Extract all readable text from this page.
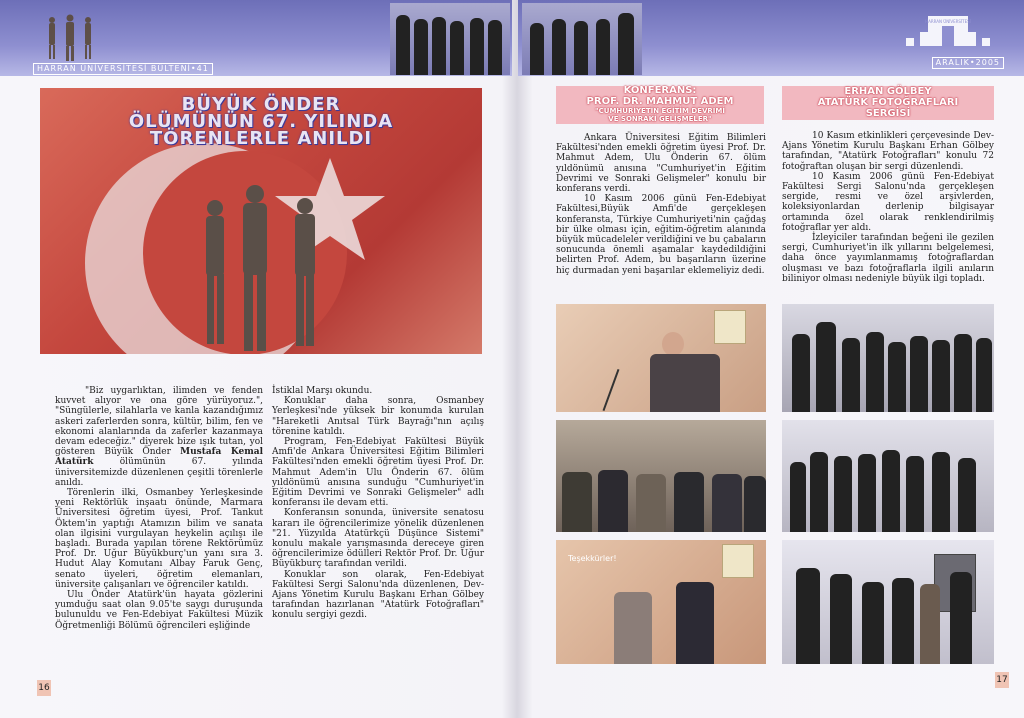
HARRAN ÜNİVERSİTESİ BÜLTENİ•41
HARRAN ÜNİVERSİTESİ
ARALIK•2005
BÜYÜK ÖNDER
ÖLÜMÜNÜN 67. YILINDA
TÖRENLERLE ANILDI

"Biz uygarlıktan, ilimden ve fenden kuvvet alıyor ve ona göre yürüyoruz.", "Süngülerle, silahlarla ve kanla kazandığımız askeri zaferlerden sonra, kültür, bilim, fen ve ekonomi alanlarında da zaferler kazanmaya devam edeceğiz." diyerek bize ışık tutan, yol gösteren Büyük Önder Mustafa Kemal Atatürk ölümünün 67. yılında üniversitemizde düzenlenen çeşitli törenlerle anıldı.

Törenlerin ilki, Osmanbey Yerleşkesinde yeni Rektörlük inşaatı önünde, Marmara Üniversitesi öğretim üyesi, Prof. Tankut Öktem'in yaptığı Atamızın bilim ve sanata olan ilgisini vurgulayan heykelin açılışı ile başladı. Burada yapılan törene Rektörümüz Prof. Dr. Uğur Büyükburç'un yanı sıra 3. Hudut Alay Komutanı Albay Faruk Genç, senato üyeleri, öğretim elemanları, üniversite çalışanları ve öğrenciler katıldı.

Ulu Önder Atatürk'ün hayata gözlerini yumduğu saat olan 9.05'te saygı duruşunda bulunuldu ve Fen-Edebiyat Fakültesi Müzik Öğretmenliği Bölümü öğrencileri eşliğinde

İstiklal Marşı okundu.

Konuklar daha sonra, Osmanbey Yerleşkesi'nde yüksek bir konumda kurulan "Hareketli Anıtsal Türk Bayrağı"nın açılış törenine katıldı.

Program, Fen-Edebiyat Fakültesi Büyük Amfi'de Ankara Üniversitesi Eğitim Bilimleri Fakültesi'nden emekli öğretim üyesi Prof. Dr. Mahmut Adem'in Ulu Önderin 67. ölüm yıldönümü anısına sunduğu "Cumhuriyet'in Eğitim Devrimi ve Sonraki Gelişmeler" adlı konferansı ile devam etti.

Konferansın sonunda, üniversite senatosu kararı ile öğrencilerimize yönelik düzenlenen "21. Yüzyılda Atatürkçü Düşünce Sistemi" konulu makale yarışmasında dereceye giren öğrencilerimize ödülleri Rektör Prof. Dr. Uğur Büyükburç tarafından verildi.

Konuklar son olarak, Fen-Edebiyat Fakültesi Sergi Salonu'nda düzenlenen, Dev-Ajans Yönetim Kurulu Başkanı Erhan Gölbey tarafından hazırlanan "Atatürk Fotoğrafları" konulu sergiyi gezdi.

16
KONFERANS:
PROF. DR. MAHMUT ADEM
"CUMHURİYETİN EĞİTİM DEVRİMİ
VE SONRAKİ GELİŞMELER"

Ankara Üniversitesi Eğitim Bilimleri Fakültesi'nden emekli öğretim üyesi Prof. Dr. Mahmut Adem, Ulu Önderin 67. ölüm yıldönümü anısına "Cumhuriyet'in Eğitim Devrimi ve Sonraki Gelişmeler" konulu bir konferans verdi.

10 Kasım 2006 günü Fen-Edebiyat Fakültesi,Büyük Amfi'de gerçekleşen konferansta, Türkiye Cumhuriyeti'nin çağdaş bir ülke olması için, eğitim-öğretim alanında büyük mücadeleler verildiğini ve bu çabaların sonucunda önemli aşamalar kaydedildiğini belirten Prof. Adem, bu başarıların üzerine hiç durmadan yeni başarılar eklemeliyiz dedi.

ERHAN GÖLBEY
ATATÜRK FOTOĞRAFLARI
SERGİSİ

10 Kasım etkinlikleri çerçevesinde Dev-Ajans Yönetim Kurulu Başkanı Erhan Gölbey tarafından, "Atatürk Fotoğrafları" konulu 72 fotoğraftan oluşan bir sergi düzenlendi.

10 Kasım 2006 günü Fen-Edebiyat Fakültesi Sergi Salonu'nda gerçekleşen sergide, resmi ve özel arşivlerden, koleksiyonlardan derlenip bilgisayar ortamında özel olarak renklendirilmiş fotoğraflar yer aldı.

İzleyiciler tarafından beğeni ile gezilen sergi, Cumhuriyet'in ilk yıllarını belgelemesi, daha önce yayımlanmamış fotoğraflardan oluşması ve bazı fotoğraflarla ilgili anıların biliniyor olması nedeniyle büyük ilgi topladı.

Teşekkürler!
17
